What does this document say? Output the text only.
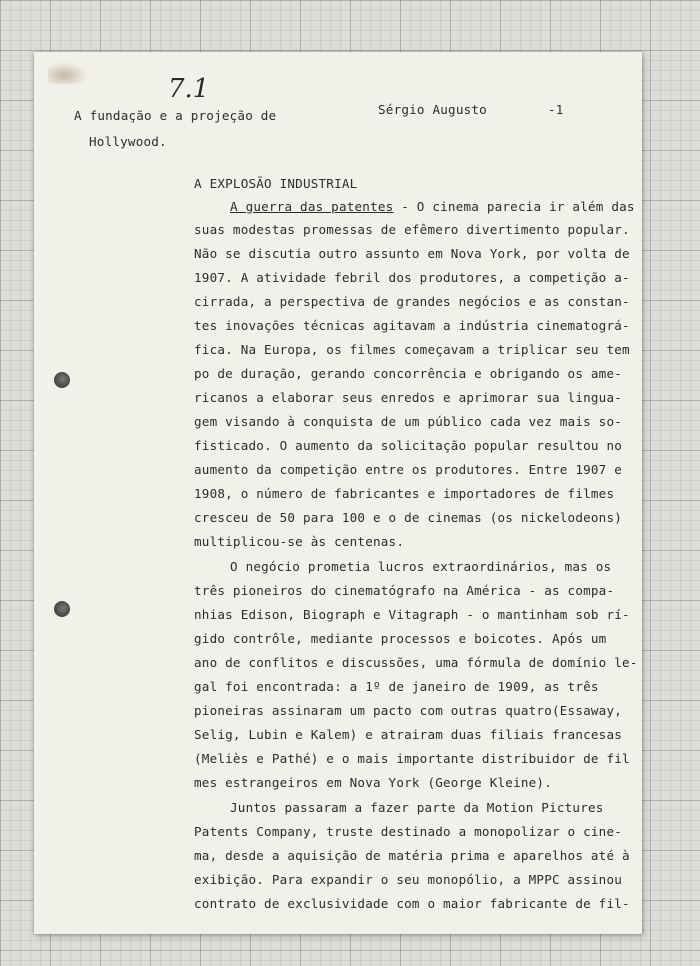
A fundação e a projeção de

Hollywood.

7.1

Sérgio Augusto	-1

A EXPLOSÃO INDUSTRIAL

A guerra das patentes - O cinema parecia ir além das

suas modestas promessas de efêmero divertimento popular.

Não se discutia outro assunto em Nova York, por volta de

1907. A atividade febril dos produtores, a competição a-

cirrada, a perspectiva de grandes negócios e as constan-

tes inovações técnicas agitavam a indústria cinematográ-

fica. Na Europa, os filmes começavam a triplicar seu tem

po de duração, gerando concorrência e obrigando os ame-

ricanos a elaborar seus enredos e aprimorar sua lingua-

gem visando à conquista de um público cada vez mais so-

fisticado. O aumento da solicitação popular resultou no

aumento da competição entre os produtores. Entre 1907 e

1908, o número de fabricantes e importadores de filmes

cresceu de 50 para 100 e o de cinemas (os nickelodeons)

multiplicou-se às centenas.

O negócio prometia lucros extraordinários, mas os

três pioneiros do cinematógrafo na América - as compa-

nhias Edison, Biograph e Vitagraph - o mantinham sob rí-

gido contrôle, mediante processos e boicotes. Após um

ano de conflitos e discussões, uma fórmula de domínio le-

gal foi encontrada: a 1º de janeiro de 1909, as três

pioneiras assinaram um pacto com outras quatro(Essaway,

Selig, Lubin e Kalem) e atrairam duas filiais francesas

(Meliès e Pathé) e o mais importante distribuidor de fil

mes estrangeiros em Nova York (George Kleine).

Juntos passaram a fazer parte da Motion Pictures

Patents Company, truste destinado a monopolizar o cine-

ma, desde a aquisição de matéria prima e aparelhos até à

exibição. Para expandir o seu monopólio, a MPPC assinou

contrato de exclusividade com o maior fabricante de fil-
